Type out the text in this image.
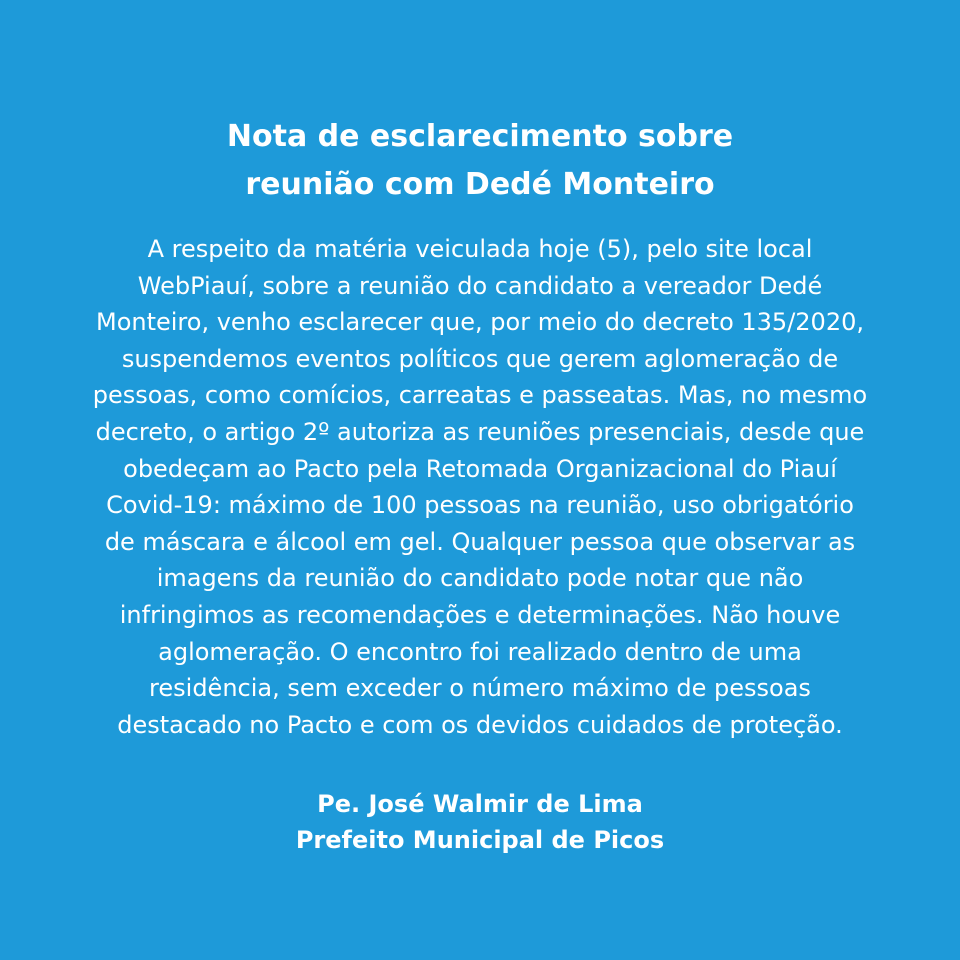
Nota de esclarecimento sobre
reunião com Dedé Monteiro

A respeito da matéria veiculada hoje (5), pelo site local
WebPiauí, sobre a reunião do candidato a vereador Dedé
Monteiro, venho esclarecer que, por meio do decreto 135/2020,
suspendemos eventos políticos que gerem aglomeração de
pessoas, como comícios, carreatas e passeatas. Mas, no mesmo
decreto, o artigo 2º autoriza as reuniões presenciais, desde que
obedeçam ao Pacto pela Retomada Organizacional do Piauí
Covid-19: máximo de 100 pessoas na reunião, uso obrigatório
de máscara e álcool em gel. Qualquer pessoa que observar as
imagens da reunião do candidato pode notar que não
infringimos as recomendações e determinações. Não houve
aglomeração. O encontro foi realizado dentro de uma
residência, sem exceder o número máximo de pessoas
destacado no Pacto e com os devidos cuidados de proteção.

Pe. José Walmir de Lima
Prefeito Municipal de Picos
